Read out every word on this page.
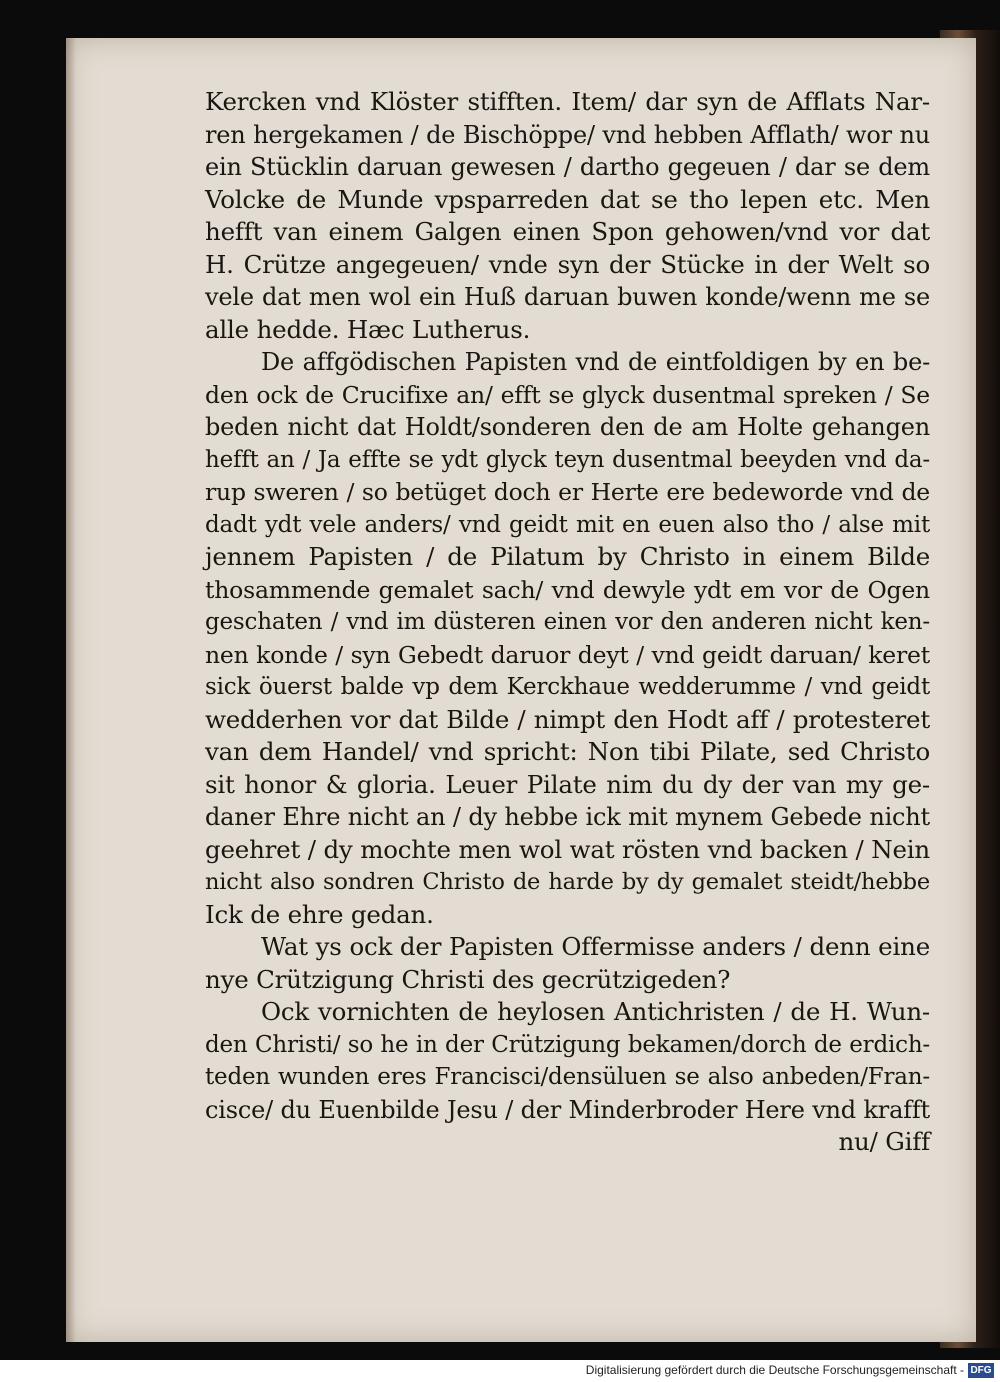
Kercken vnd Klöster stifften. Item/ dar syn de Afflats Nar-
ren hergekamen / de Bischöppe/ vnd hebben Afflath/ wor nu
ein Stücklin daruan gewesen / dartho gegeuen / dar se dem
Volcke de Munde vpsparreden dat se tho lepen etc. Men
hefft van einem Galgen einen Spon gehowen/vnd vor dat
H. Crütze angegeuen/ vnde syn der Stücke in der Welt so
vele dat men wol ein Huß daruan buwen konde/wenn me se
alle hedde. Hæc Lutherus.
De affgödischen Papisten vnd de eintfoldigen by en be-
den ock de Crucifixe an/ efft se glyck dusentmal spreken / Se
beden nicht dat Holdt/sonderen den de am Holte gehangen
hefft an / Ja effte se ydt glyck teyn dusentmal beeyden vnd da-
rup sweren / so betüget doch er Herte ere bedeworde vnd de
dadt ydt vele anders/ vnd geidt mit en euen also tho / alse mit
jennem Papisten / de Pilatum by Christo in einem Bilde
thosammende gemalet sach/ vnd dewyle ydt em vor de Ogen
geschaten / vnd im düsteren einen vor den anderen nicht ken-
nen konde / syn Gebedt daruor deyt / vnd geidt daruan/ keret
sick öuerst balde vp dem Kerckhaue wedderumme / vnd geidt
wedderhen vor dat Bilde / nimpt den Hodt aff / protesteret
van dem Handel/ vnd spricht: Non tibi Pilate, sed Christo
sit honor & gloria. Leuer Pilate nim du dy der van my ge-
daner Ehre nicht an / dy hebbe ick mit mynem Gebede nicht
geehret / dy mochte men wol wat rösten vnd backen / Nein
nicht also sondren Christo de harde by dy gemalet steidt/hebbe
Ick de ehre gedan.
Wat ys ock der Papisten Offermisse anders / denn eine
nye Crützigung Christi des gecrützigeden?
Ock vornichten de heylosen Antichristen / de H. Wun-
den Christi/ so he in der Crützigung bekamen/dorch de erdich-
teden wunden eres Francisci/densüluen se also anbeden/Fran-
cisce/ du Euenbilde Jesu / der Minderbroder Here vnd krafft
nu/ Giff
Digitalisierung gefördert durch die Deutsche Forschungsgemeinschaft - DFG
